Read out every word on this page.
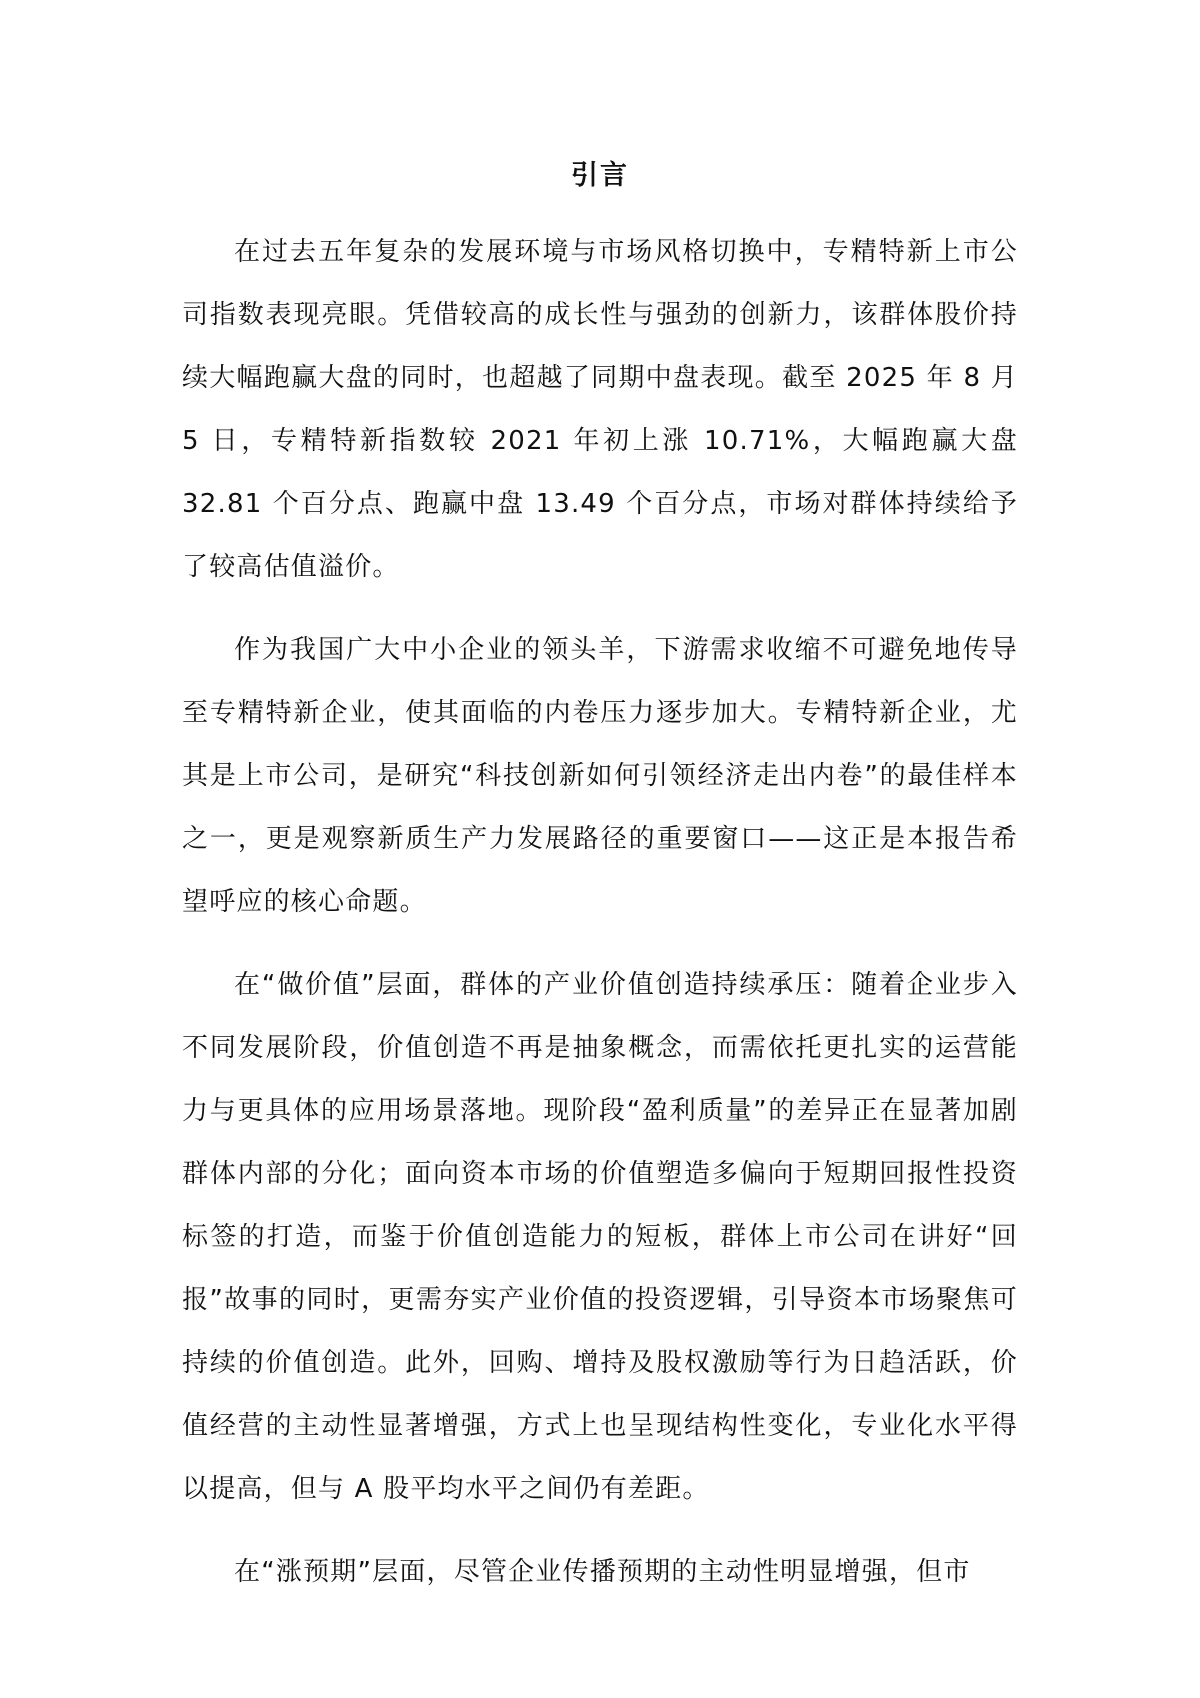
引言

在过去五年复杂的发展环境与市场风格切换中，专精特新上市公司指数表现亮眼。凭借较高的成长性与强劲的创新力，该群体股价持续大幅跑赢大盘的同时，也超越了同期中盘表现。截至 2025 年 8 月 5 日，专精特新指数较 2021 年初上涨 10.71%，大幅跑赢大盘 32.81 个百分点、跑赢中盘 13.49 个百分点，市场对群体持续给予了较高估值溢价。

作为我国广大中小企业的领头羊，下游需求收缩不可避免地传导至专精特新企业，使其面临的内卷压力逐步加大。专精特新企业，尤其是上市公司，是研究“科技创新如何引领经济走出内卷”的最佳样本之一，更是观察新质生产力发展路径的重要窗口——这正是本报告希望呼应的核心命题。

在“做价值”层面，群体的产业价值创造持续承压：随着企业步入不同发展阶段，价值创造不再是抽象概念，而需依托更扎实的运营能力与更具体的应用场景落地。现阶段“盈利质量”的差异正在显著加剧群体内部的分化；面向资本市场的价值塑造多偏向于短期回报性投资标签的打造，而鉴于价值创造能力的短板，群体上市公司在讲好“回报”故事的同时，更需夯实产业价值的投资逻辑，引导资本市场聚焦可持续的价值创造。此外，回购、增持及股权激励等行为日趋活跃，价值经营的主动性显著增强，方式上也呈现结构性变化，专业化水平得以提高，但与 A 股平均水平之间仍有差距。

在“涨预期”层面，尽管企业传播预期的主动性明显增强，但市
